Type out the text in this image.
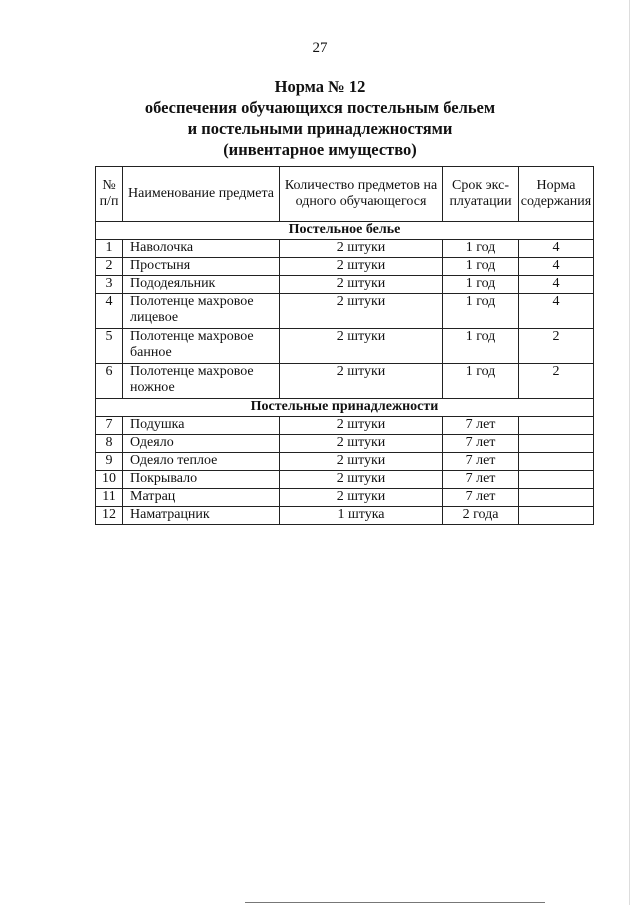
27
Норма № 12
обеспечения обучающихся постельным бельем
и постельными принадлежностями
(инвентарное имущество)
№ п/п	Наименование предмета	Количество предметов на одного обучающегося	Срок экс-плуатации	Норма содержания
Постельное белье				
1	Наволочка	2 штуки	1 год	4
2	Простыня	2 штуки	1 год	4
3	Пододеяльник	2 штуки	1 год	4
4	Полотенце махровое лицевое	2 штуки	1 год	4
5	Полотенце махровое банное	2 штуки	1 год	2
6	Полотенце махровое ножное	2 штуки	1 год	2
Постельные принадлежности				
7	Подушка	2 штуки	7 лет	
8	Одеяло	2 штуки	7 лет	
9	Одеяло теплое	2 штуки	7 лет	
10	Покрывало	2 штуки	7 лет	
11	Матрац	2 штуки	7 лет	
12	Наматрацник	1 штука	2 года	
